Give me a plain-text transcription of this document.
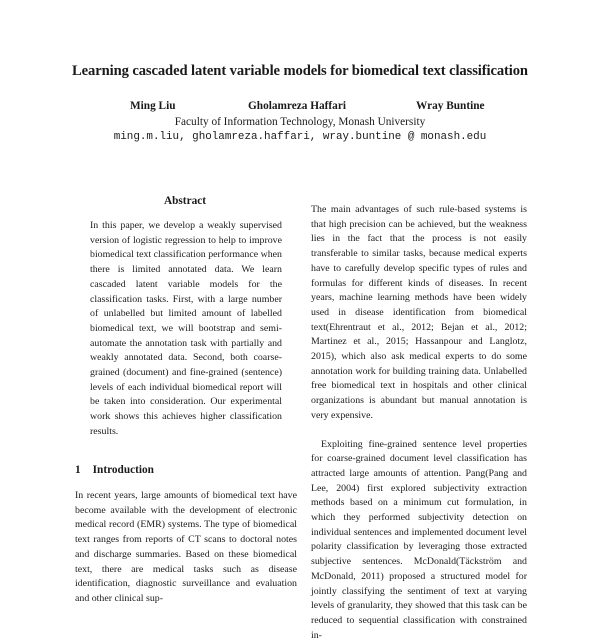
Learning cascaded latent variable models for biomedical text classification
Ming Liu	Gholamreza Haffari	Wray Buntine
Faculty of Information Technology, Monash University
ming.m.liu, gholamreza.haffari, wray.buntine @ monash.edu
Abstract
In this paper, we develop a weakly supervised version of logistic regression to help to improve biomedical text classification performance when there is limited annotated data. We learn cascaded latent variable models for the classification tasks. First, with a large number of unlabelled but limited amount of labelled biomedical text, we will bootstrap and semi-automate the annotation task with partially and weakly annotated data. Second, both coarse-grained (document) and fine-grained (sentence) levels of each individual biomedical report will be taken into consideration. Our experimental work shows this achieves higher classification results.
1 Introduction
In recent years, large amounts of biomedical text have become available with the development of electronic medical record (EMR) systems. The type of biomedical text ranges from reports of CT scans to doctoral notes and discharge summaries. Based on these biomedical text, there are medical tasks such as disease identification, diagnostic surveillance and evaluation and other clinical sup-

The main advantages of such rule-based systems is that high precision can be achieved, but the weakness lies in the fact that the process is not easily transferable to similar tasks, because medical experts have to carefully develop specific types of rules and formulas for different kinds of diseases. In recent years, machine learning methods have been widely used in disease identification from biomedical text(Ehrentraut et al., 2012; Bejan et al., 2012; Martinez et al., 2015; Hassanpour and Langlotz, 2015), which also ask medical experts to do some annotation work for building training data. Unlabelled free biomedical text in hospitals and other clinical organizations is abundant but manual annotation is very expensive.

Exploiting fine-grained sentence level properties for coarse-grained document level classification has attracted large amounts of attention. Pang(Pang and Lee, 2004) first explored subjectivity extraction methods based on a minimum cut formulation, in which they performed subjectivity detection on individual sentences and implemented document level polarity classification by leveraging those extracted subjective sentences. McDonald(Täckström and McDonald, 2011) proposed a structured model for jointly classifying the sentiment of text at varying levels of granularity, they showed that this task can be reduced to sequential classification with constrained in-
